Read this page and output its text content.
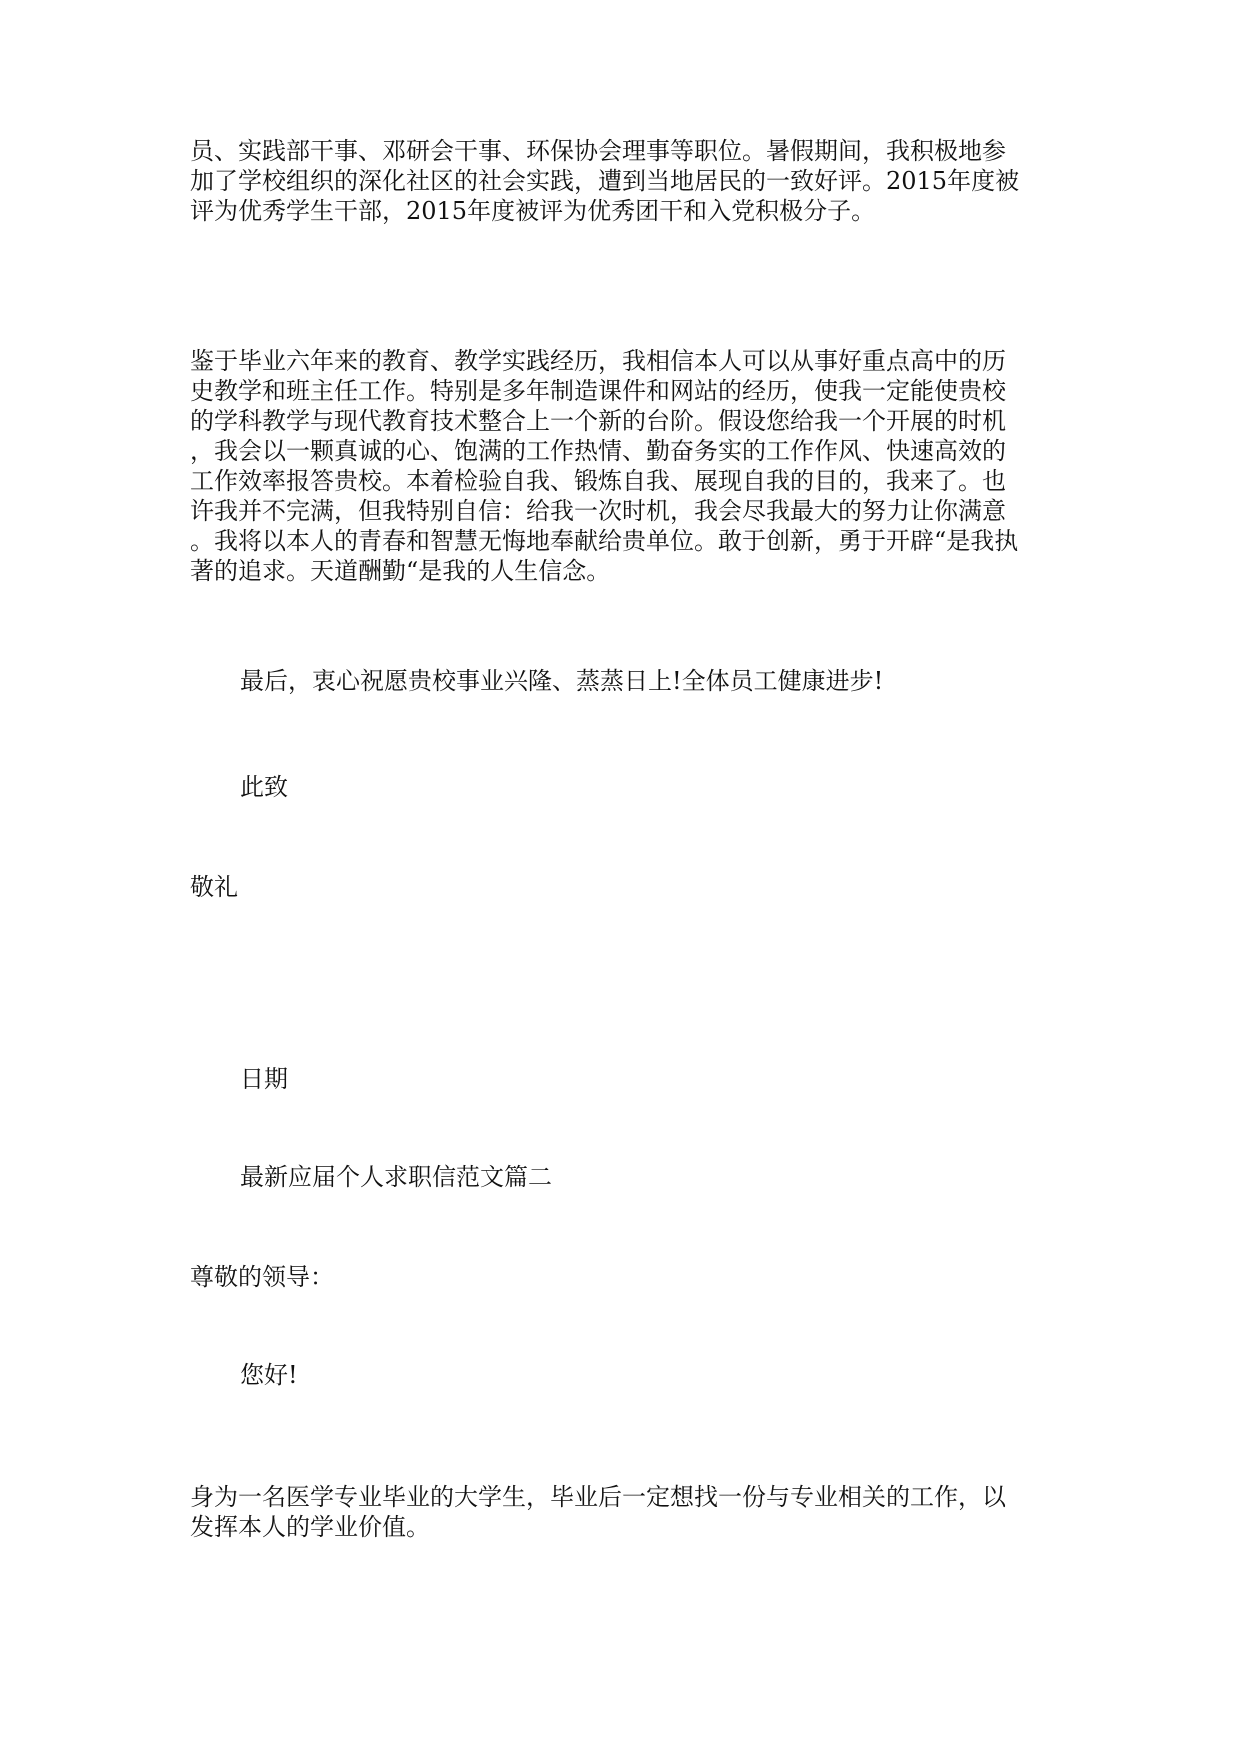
员、实践部干事、邓研会干事、环保协会理事等职位。暑假期间，我积极地参
加了学校组织的深化社区的社会实践，遭到当地居民的一致好评。2015年度被
评为优秀学生干部，2015年度被评为优秀团干和入党积极分子。
鉴于毕业六年来的教育、教学实践经历，我相信本人可以从事好重点高中的历
史教学和班主任工作。特别是多年制造课件和网站的经历，使我一定能使贵校
的学科教学与现代教育技术整合上一个新的台阶。假设您给我一个开展的时机
，我会以一颗真诚的心、饱满的工作热情、勤奋务实的工作作风、快速高效的
工作效率报答贵校。本着检验自我、锻炼自我、展现自我的目的，我来了。也
许我并不完满，但我特别自信：给我一次时机，我会尽我最大的努力让你满意
。我将以本人的青春和智慧无悔地奉献给贵单位。敢于创新，勇于开辟“是我执
著的追求。天道酬勤“是我的人生信念。
最后，衷心祝愿贵校事业兴隆、蒸蒸日上!全体员工健康进步!
此致
敬礼
日期
最新应届个人求职信范文篇二
尊敬的领导：
您好!
身为一名医学专业毕业的大学生，毕业后一定想找一份与专业相关的工作，以
发挥本人的学业价值。
